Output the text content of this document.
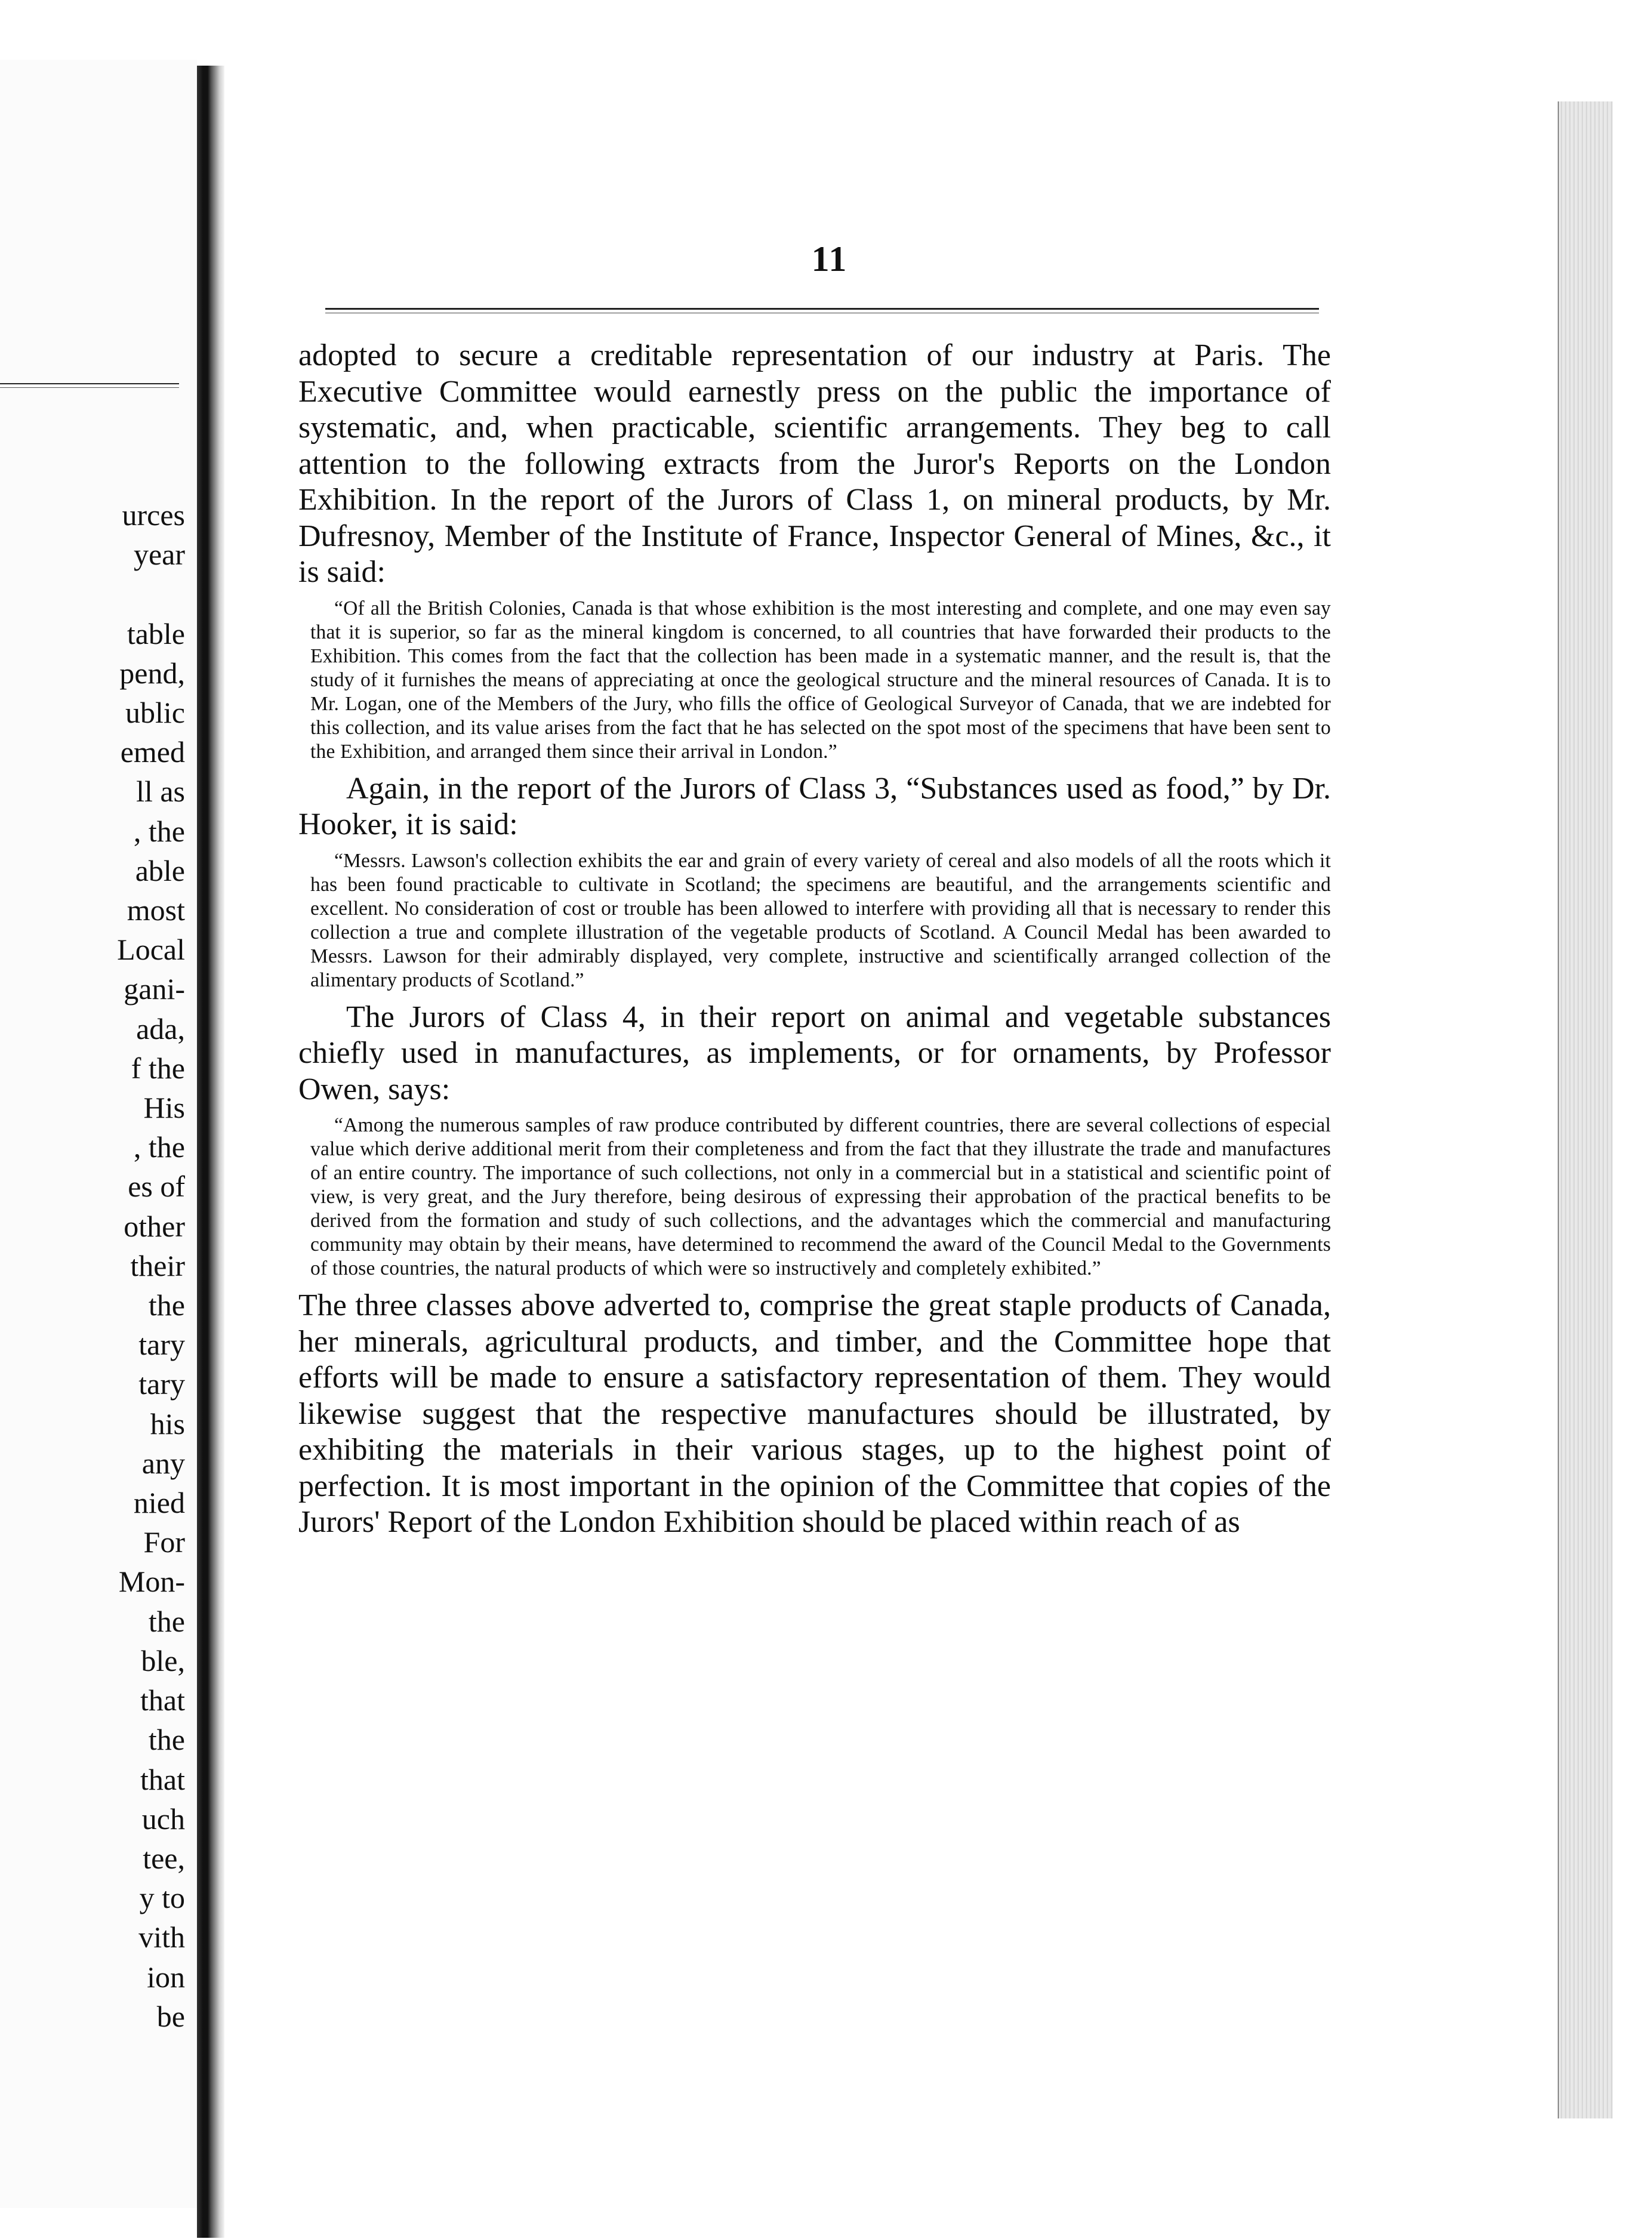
urces
year

table
pend,
ublic
emed
ll as
, the
able
most
Local
gani-
ada,
f the
His
, the
es of
other
their
the
tary
tary
his
any
nied
For
Mon-
the
ble,
that
the
that
uch
tee,
y to
vith
ion
be
11

adopted to secure a creditable representation of our industry at Paris. The Executive Committee would earnestly press on the public the importance of systematic, and, when practicable, scientific arrangements. They beg to call attention to the following extracts from the Juror's Reports on the London Exhibition. In the report of the Jurors of Class 1, on mineral products, by Mr. Dufresnoy, Member of the Institute of France, Inspector General of Mines, &c., it is said:

“Of all the British Colonies, Canada is that whose exhibition is the most interesting and complete, and one may even say that it is superior, so far as the mineral kingdom is concerned, to all countries that have forwarded their products to the Exhibition. This comes from the fact that the collection has been made in a systematic manner, and the result is, that the study of it furnishes the means of appreciating at once the geological structure and the mineral resources of Canada. It is to Mr. Logan, one of the Members of the Jury, who fills the office of Geological Surveyor of Canada, that we are indebted for this collection, and its value arises from the fact that he has selected on the spot most of the specimens that have been sent to the Exhibition, and arranged them since their arrival in London.”

Again, in the report of the Jurors of Class 3, “Substances used as food,” by Dr. Hooker, it is said:

“Messrs. Lawson's collection exhibits the ear and grain of every variety of cereal and also models of all the roots which it has been found practicable to cultivate in Scotland; the specimens are beautiful, and the arrangements scientific and excellent. No consideration of cost or trouble has been allowed to interfere with providing all that is necessary to render this collection a true and complete illustration of the vegetable products of Scotland. A Council Medal has been awarded to Messrs. Lawson for their admirably displayed, very complete, instructive and scientifically arranged collection of the alimentary products of Scotland.”

The Jurors of Class 4, in their report on animal and vegetable substances chiefly used in manufactures, as implements, or for ornaments, by Professor Owen, says:

“Among the numerous samples of raw produce contributed by different countries, there are several collections of especial value which derive additional merit from their completeness and from the fact that they illustrate the trade and manufactures of an entire country. The importance of such collections, not only in a commercial but in a statistical and scientific point of view, is very great, and the Jury therefore, being desirous of expressing their approbation of the practical benefits to be derived from the formation and study of such collections, and the advantages which the commercial and manufacturing community may obtain by their means, have determined to recommend the award of the Council Medal to the Governments of those countries, the natural products of which were so instructively and completely exhibited.”

The three classes above adverted to, comprise the great staple products of Canada, her minerals, agricultural products, and timber, and the Committee hope that efforts will be made to ensure a satisfactory representation of them. They would likewise suggest that the respective manufactures should be illustrated, by exhibiting the materials in their various stages, up to the highest point of perfection. It is most important in the opinion of the Committee that copies of the Jurors' Report of the London Exhibition should be placed within reach of as
